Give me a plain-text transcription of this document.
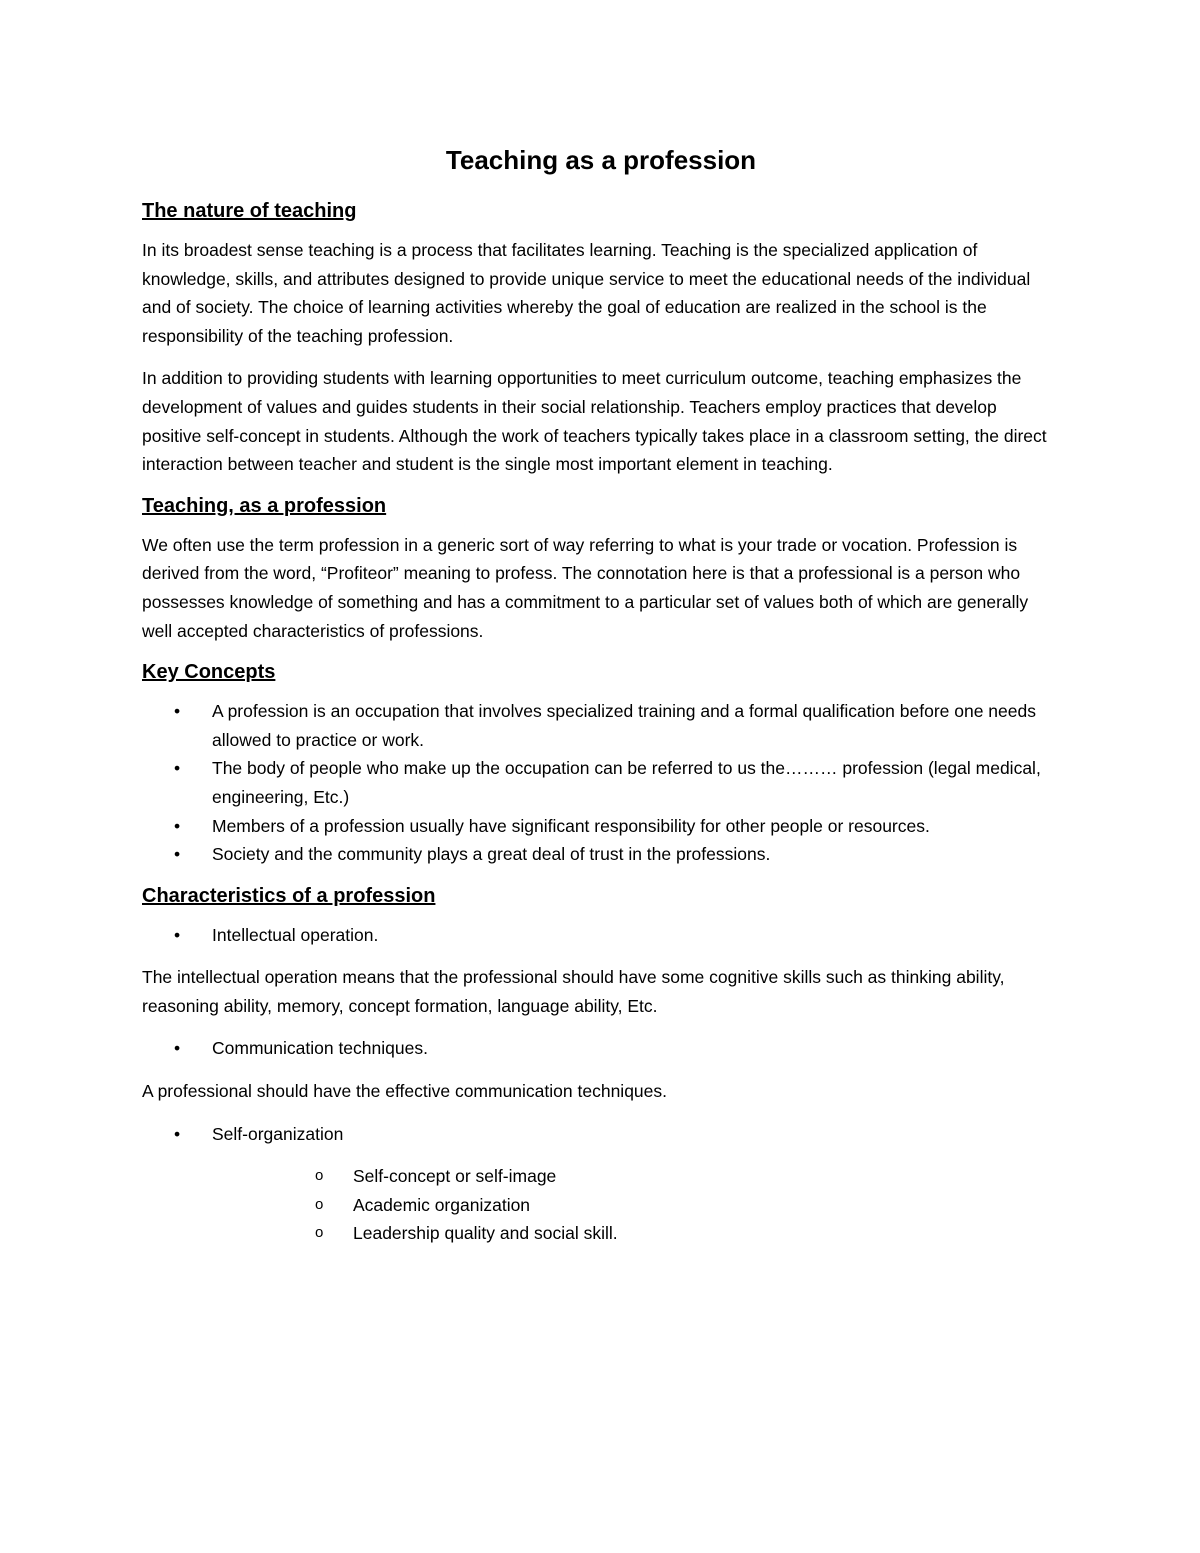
Teaching as a profession
The nature of teaching

In its broadest sense teaching is a process that facilitates learning. Teaching is the specialized application of knowledge, skills, and attributes designed to provide unique service to meet the educational needs of the individual and of society. The choice of learning activities whereby the goal of education are realized in the school is the responsibility of the teaching profession.

In addition to providing students with learning opportunities to meet curriculum outcome, teaching emphasizes the development of values and guides students in their social relationship. Teachers employ practices that develop positive self-concept in students. Although the work of teachers typically takes place in a classroom setting, the direct interaction between teacher and student is the single most important element in teaching.

Teaching, as a profession

We often use the term profession in a generic sort of way referring to what is your trade or vocation. Profession is derived from the word, “Profiteor” meaning to profess. The connotation here is that a professional is a person who possesses knowledge of something and has a commitment to a particular set of values both of which are generally well accepted characteristics of professions.

Key Concepts
• A profession is an occupation that involves specialized training and a formal qualification before one needs allowed to practice or work.
• The body of people who make up the occupation can be referred to us the……… profession (legal medical, engineering, Etc.)
• Members of a profession usually have significant responsibility for other people or resources.
• Society and the community plays a great deal of trust in the professions.
Characteristics of a profession
• Intellectual operation.

The intellectual operation means that the professional should have some cognitive skills such as thinking ability, reasoning ability, memory, concept formation, language ability, Etc.

• Communication techniques.

A professional should have the effective communication techniques.

• Self-organization
o Self-concept or self-image
o Academic organization
o Leadership quality and social skill.
